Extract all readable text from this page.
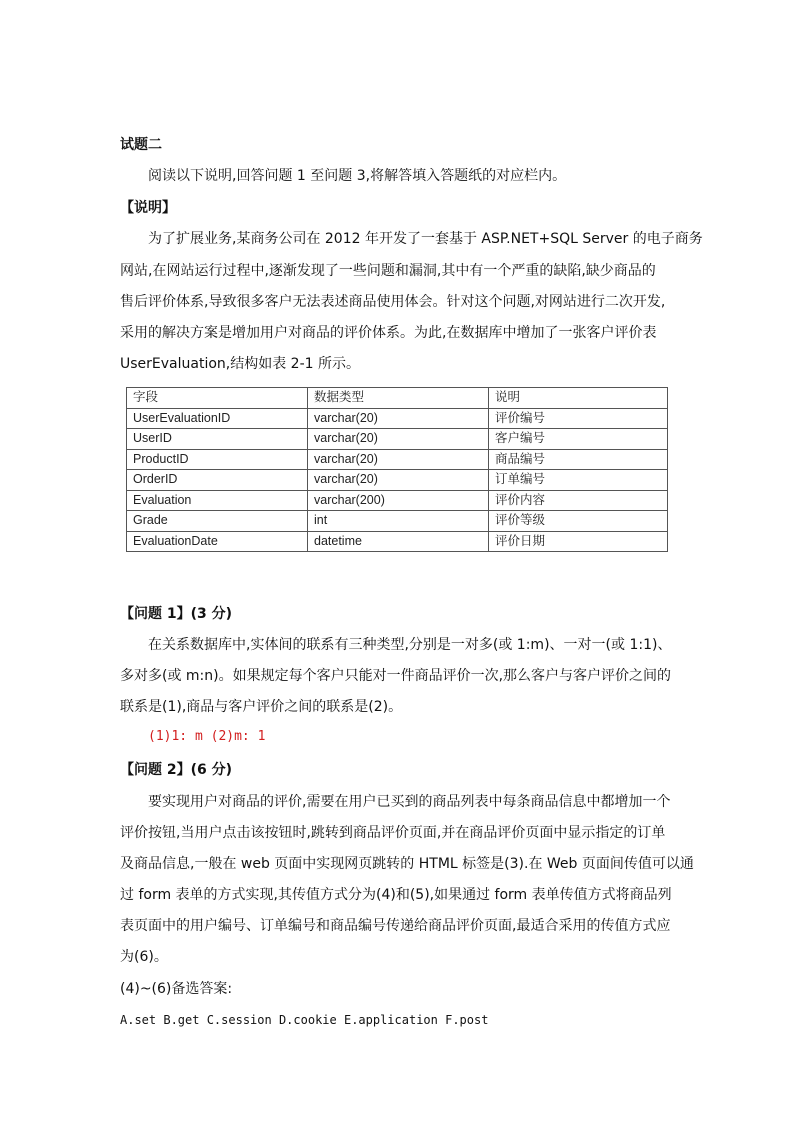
试题二
阅读以下说明,回答问题 1 至问题 3,将解答填入答题纸的对应栏内。
【说明】
为了扩展业务,某商务公司在 2012 年开发了一套基于 ASP.NET+SQL Server 的电子商务
网站,在网站运行过程中,逐渐发现了一些问题和漏洞,其中有一个严重的缺陷,缺少商品的
售后评价体系,导致很多客户无法表述商品使用体会。针对这个问题,对网站进行二次开发,
采用的解决方案是增加用户对商品的评价体系。为此,在数据库中增加了一张客户评价表
UserEvaluation,结构如表 2-1 所示。
字段	数据类型	说明
UserEvaluationID	varchar(20)	评价编号
UserID	varchar(20)	客户编号
ProductID	varchar(20)	商品编号
OrderID	varchar(20)	订单编号
Evaluation	varchar(200)	评价内容
Grade	int	评价等级
EvaluationDate	datetime	评价日期
【问题 1】(3 分)
在关系数据库中,实体间的联系有三种类型,分别是一对多(或 1:m)、一对一(或 1:1)、
多对多(或 m:n)。如果规定每个客户只能对一件商品评价一次,那么客户与客户评价之间的
联系是(1),商品与客户评价之间的联系是(2)。
(1)1: m (2)m: 1
【问题 2】(6 分)
要实现用户对商品的评价,需要在用户已买到的商品列表中每条商品信息中都增加一个
评价按钮,当用户点击该按钮时,跳转到商品评价页面,并在商品评价页面中显示指定的订单
及商品信息,一般在 web 页面中实现网页跳转的 HTML 标签是(3).在 Web 页面间传值可以通
过 form 表单的方式实现,其传值方式分为(4)和(5),如果通过 form 表单传值方式将商品列
表页面中的用户编号、订单编号和商品编号传递给商品评价页面,最适合采用的传值方式应
为(6)。
(4)~(6)备选答案:
A.set B.get C.session D.cookie E.application F.post
